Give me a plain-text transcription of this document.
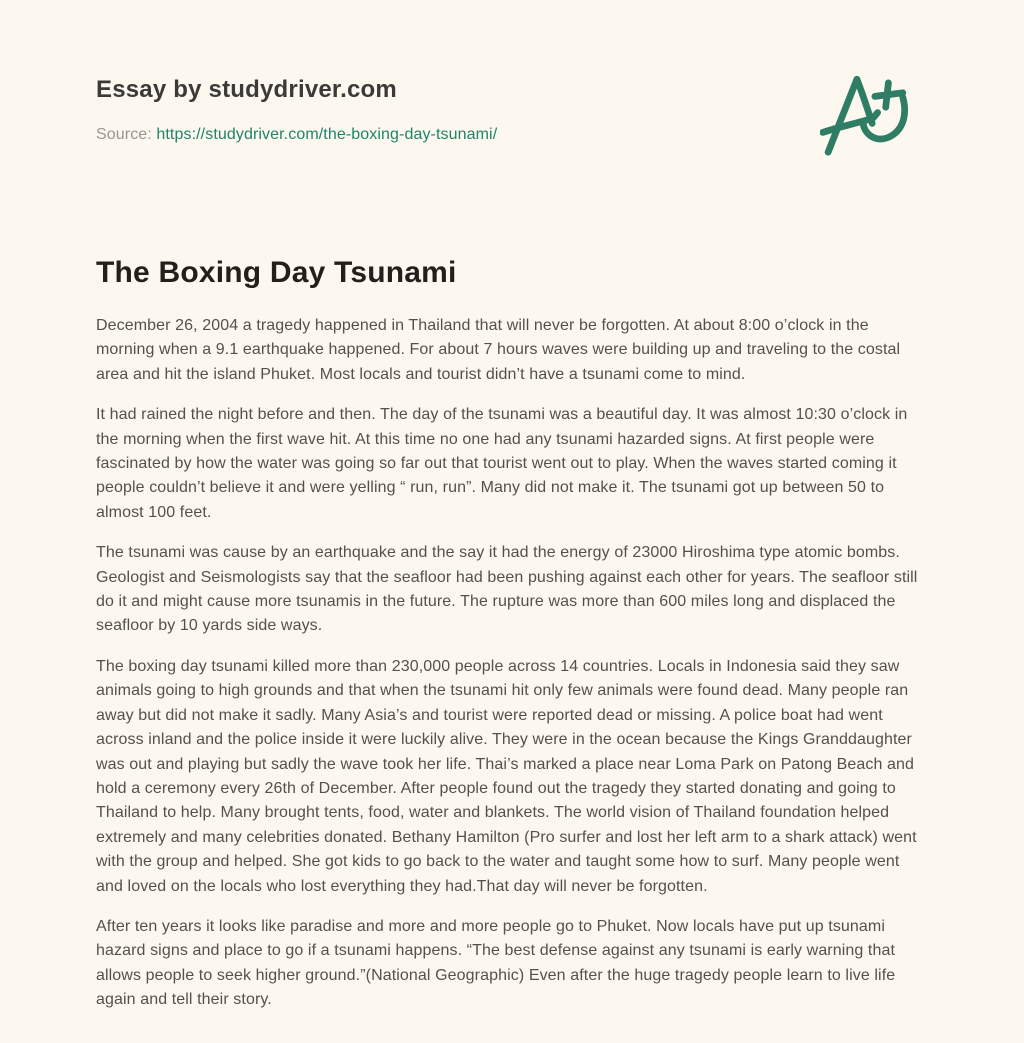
Essay by studydriver.com
Source: https://studydriver.com/the-boxing-day-tsunami/
The Boxing Day Tsunami

December 26, 2004 a tragedy happened in Thailand that will never be forgotten. At about 8:00 o’clock in the morning when a 9.1 earthquake happened. For about 7 hours waves were building up and traveling to the costal area and hit the island Phuket. Most locals and tourist didn’t have a tsunami come to mind.

It had rained the night before and then. The day of the tsunami was a beautiful day. It was almost 10:30 o’clock in the morning when the first wave hit. At this time no one had any tsunami hazarded signs. At first people were fascinated by how the water was going so far out that tourist went out to play. When the waves started coming it people couldn’t believe it and were yelling “ run, run”. Many did not make it. The tsunami got up between 50 to almost 100 feet.

The tsunami was cause by an earthquake and the say it had the energy of 23000 Hiroshima type atomic bombs. Geologist and Seismologists say that the seafloor had been pushing against each other for years. The seafloor still do it and might cause more tsunamis in the future. The rupture was more than 600 miles long and displaced the seafloor by 10 yards side ways.

The boxing day tsunami killed more than 230,000 people across 14 countries. Locals in Indonesia said they saw animals going to high grounds and that when the tsunami hit only few animals were found dead. Many people ran away but did not make it sadly. Many Asia’s and tourist were reported dead or missing. A police boat had went across inland and the police inside it were luckily alive. They were in the ocean because the Kings Granddaughter was out and playing but sadly the wave took her life. Thai’s marked a place near Loma Park on Patong Beach and hold a ceremony every 26th of December. After people found out the tragedy they started donating and going to Thailand to help. Many brought tents, food, water and blankets. The world vision of Thailand foundation helped extremely and many celebrities donated. Bethany Hamilton (Pro surfer and lost her left arm to a shark attack) went with the group and helped. She got kids to go back to the water and taught some how to surf. Many people went and loved on the locals who lost everything they had.That day will never be forgotten.

After ten years it looks like paradise and more and more people go to Phuket. Now locals have put up tsunami hazard signs and place to go if a tsunami happens. “The best defense against any tsunami is early warning that allows people to seek higher ground.”(National Geographic) Even after the huge tragedy people learn to live life again and tell their story.
